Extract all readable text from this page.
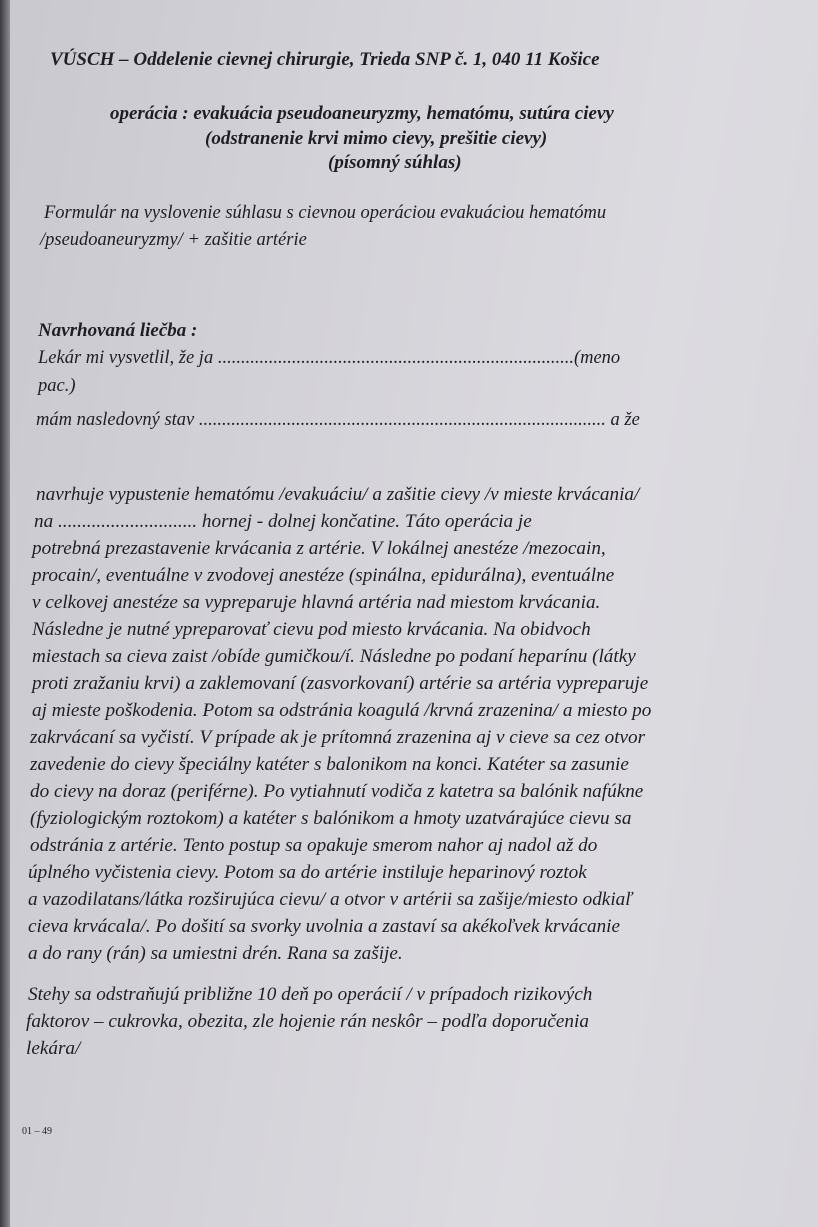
VÚSCH – Oddelenie cievnej chirurgie, Trieda SNP č. 1, 040 11 Košice

operácia : evakuácia pseudoaneuryzmy, hematómu, sutúra cievy

(odstranenie krvi mimo cievy, prešitie cievy)

(písomný súhlas)

Formulár na vyslovenie súhlasu s cievnou operáciou evakuáciou hematómu

/pseudoaneuryzmy/ + zašitie artérie

Navrhovaná liečba :

Lekár mi vysvetlil, že ja .............................................................................(meno

pac.)

mám nasledovný stav ........................................................................................ a že

navrhuje vypustenie hematómu /evakuáciu/ a zašitie cievy /v mieste krvácania/

na ............................. hornej - dolnej končatine. Táto operácia je

potrebná prezastavenie krvácania z artérie. V lokálnej anestéze /mezocain,

procain/, eventuálne v zvodovej anestéze (spinálna, epidurálna), eventuálne

v celkovej anestéze sa vypreparuje hlavná artéria nad miestom krvácania.

Následne je nutné ypreparovať cievu pod miesto krvácania. Na obidvoch

miestach sa cieva zaist /obíde gumičkou/í. Následne po podaní heparínu (látky

proti zražaniu krvi) a zaklemovaní (zasvorkovaní) artérie sa artéria vypreparuje

aj mieste poškodenia. Potom sa odstránia koagulá /krvná zrazenina/ a miesto po

zakrvácaní sa vyčistí. V prípade ak je prítomná zrazenina aj v cieve sa cez otvor

zavedenie do cievy špeciálny katéter s balonikom na konci. Katéter sa zasunie

do cievy na doraz (periférne). Po vytiahnutí vodiča z katetra sa balónik nafúkne

(fyziologickým roztokom) a katéter s balónikom a hmoty uzatvárajúce cievu sa

odstránia z artérie. Tento postup sa opakuje smerom nahor aj nadol až do

úplného vyčistenia cievy. Potom sa do artérie instiluje heparinový roztok

a vazodilatans/látka rozširujúca cievu/ a otvor v artérii sa zašije/miesto odkiaľ

cieva krvácala/. Po došití sa svorky uvolnia a zastaví sa akékoľvek krvácanie

a do rany (rán) sa umiestni drén. Rana sa zašije.

Stehy sa odstraňujú približne 10 deň po operácií / v prípadoch rizikových

faktorov – cukrovka, obezita, zle hojenie rán neskôr – podľa doporučenia

lekára/

01 – 49
